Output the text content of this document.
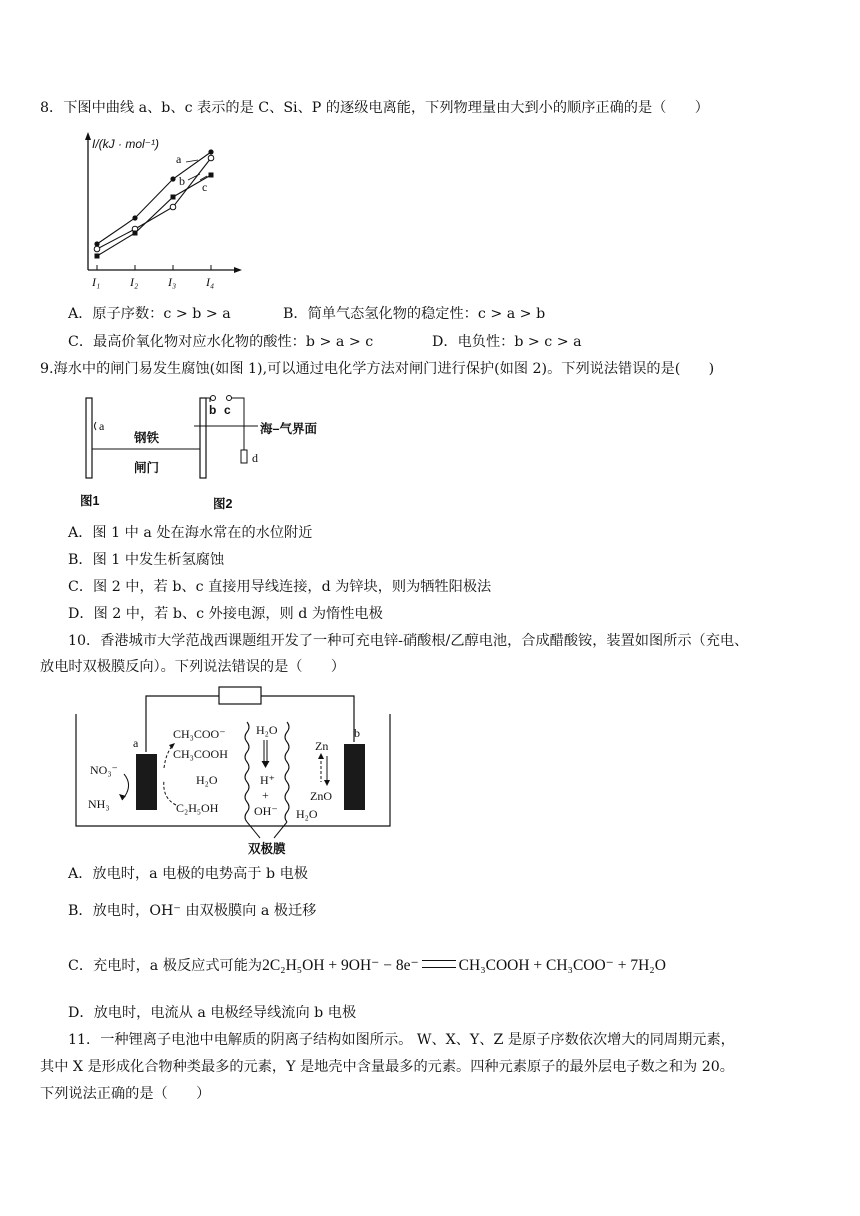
8．下图中曲线 a、b、c 表示的是 C、Si、P 的逐级电离能，下列物理量由大到小的顺序正确的是（　　）
I/(kJ · mol⁻¹)
I₁ I₂ I₃ I₄
a
b c
A．原子序数：c > b > a	B．简单气态氢化物的稳定性：c > a > b
C．最高价氧化物对应水化物的酸性：b > a > c	D．电负性：b > c > a
9.海水中的闸门易发生腐蚀(如图 1),可以通过电化学方法对闸门进行保护(如图 2)。下列说法错误的是(　　)
a
钢铁
闸门
b c
海–气界面
d
图1	图2
A．图 1 中 a 处在海水常在的水位附近
B．图 1 中发生析氢腐蚀
C．图 2 中，若 b、c 直接用导线连接，d 为锌块，则为牺牲阳极法
D．图 2 中，若 b、c 外接电源，则 d 为惰性电极
10．香港城市大学范战西课题组开发了一种可充电锌-硝酸根/乙醇电池，合成醋酸铵，装置如图所示（充电、
放电时双极膜反向）。下列说法错误的是（　　）
a
b
NO₃⁻
NH₃
CH₃COO⁻
CH₃COOH
H₂O
C₂H₅OH
H₂O
H⁺
+
OH⁻ H₂O
双极膜
Zn
ZnO
A．放电时，a 电极的电势高于 b 电极
B．放电时，OH⁻ 由双极膜向 a 极迁移
C．充电时，a 极反应式可能为2C₂H₅OH + 9OH⁻ − 8e⁻	CH₃COOH + CH₃COO⁻ + 7H₂O
D．放电时，电流从 a 电极经导线流向 b 电极
11．一种锂离子电池中电解质的阴离子结构如图所示。 W、X、Y、Z 是原子序数依次增大的同周期元素，
其中 X 是形成化合物种类最多的元素，Y 是地壳中含量最多的元素。四种元素原子的最外层电子数之和为 20。
下列说法正确的是（　　）
